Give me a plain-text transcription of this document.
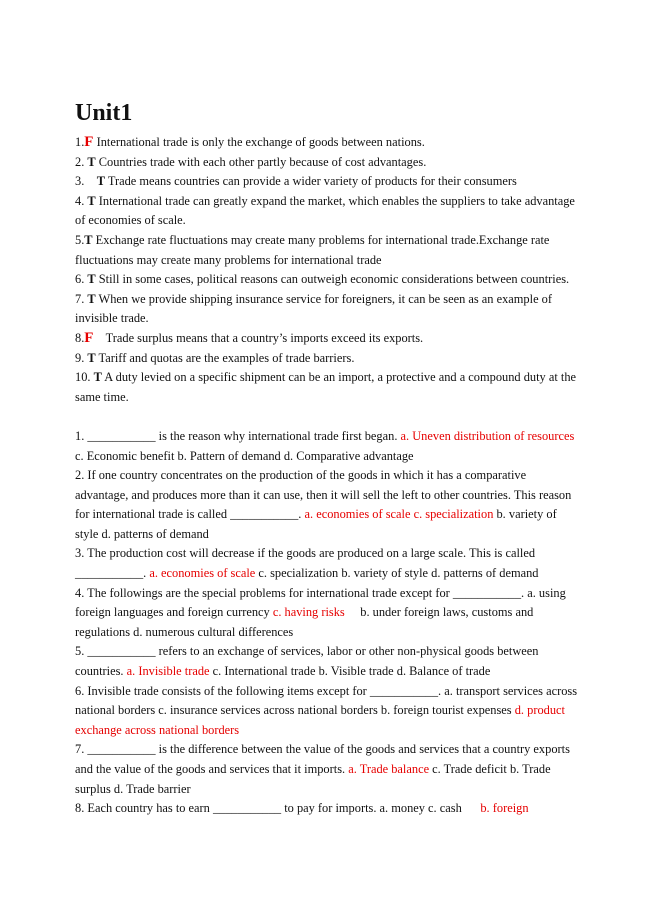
Unit1

1.F International trade is only the exchange of goods between nations.

2. T Countries trade with each other partly because of cost advantages.

3. T Trade means countries can provide a wider variety of products for their consumers

4. T International trade can greatly expand the market, which enables the suppliers to take advantage of economies of scale.

5.T Exchange rate fluctuations may create many problems for international trade.Exchange rate fluctuations may create many problems for international trade

6. T Still in some cases, political reasons can outweigh economic considerations between countries.

7. T When we provide shipping insurance service for foreigners, it can be seen as an example of invisible trade.

8.F    Trade surplus means that a country’s imports exceed its exports.

9. T Tariff and quotas are the examples of trade barriers.

10. T A duty levied on a specific shipment can be an import, a protective and a compound duty at the same time.

1. ___________ is the reason why international trade first began. a. Uneven distribution of resources c. Economic benefit b. Pattern of demand d. Comparative advantage

2. If one country concentrates on the production of the goods in which it has a comparative advantage, and produces more than it can use, then it will sell the left to other countries. This reason for international trade is called ___________. a. economies of scale c. specialization b. variety of style d. patterns of demand

3. The production cost will decrease if the goods are produced on a large scale. This is called ___________. a. economies of scale c. specialization b. variety of style d. patterns of demand

4. The followings are the special problems for international trade except for ___________. a. using foreign languages and foreign currency c. having risks     b. under foreign laws, customs and regulations d. numerous cultural differences

5. ___________ refers to an exchange of services, labor or other non-physical goods between countries. a. Invisible trade c. International trade b. Visible trade d. Balance of trade

6. Invisible trade consists of the following items except for ___________. a. transport services across national borders c. insurance services across national borders b. foreign tourist expenses d. product exchange across national borders

7. ___________ is the difference between the value of the goods and services that a country exports and the value of the goods and services that it imports. a. Trade balance c. Trade deficit b. Trade surplus d. Trade barrier

8. Each country has to earn ___________ to pay for imports. a. money c. cash      b. foreign
